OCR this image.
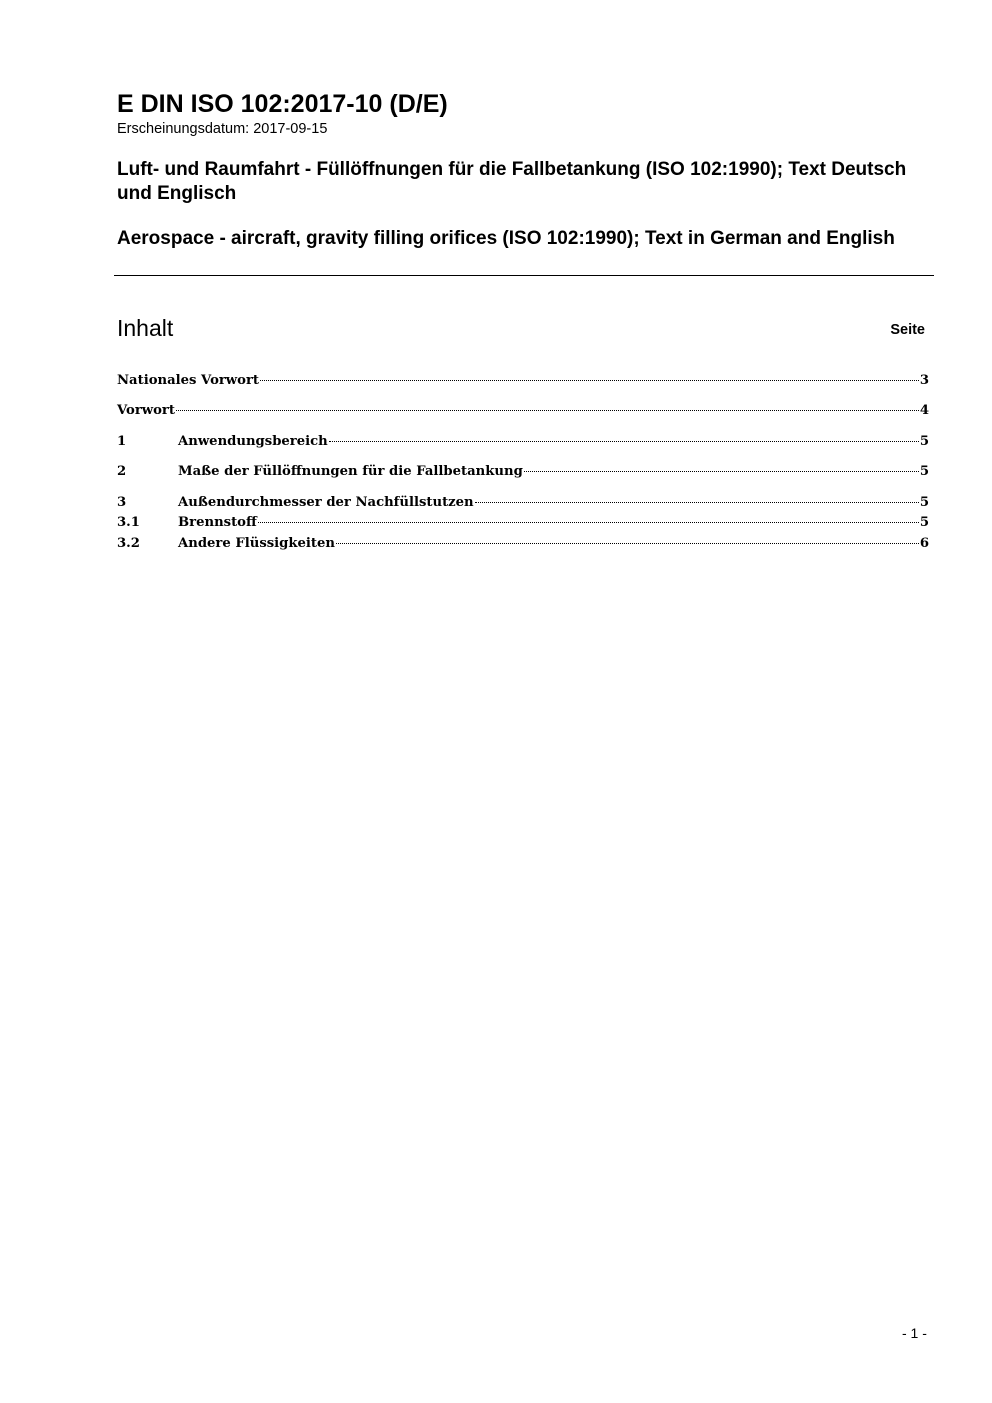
E DIN ISO 102:2017-10 (D/E)
Erscheinungsdatum: 2017-09-15
Luft- und Raumfahrt - Füllöffnungen für die Fallbetankung (ISO 102:1990); Text Deutsch und Englisch
Aerospace - aircraft, gravity filling orifices (ISO 102:1990); Text in German and English
Inhalt	Seite
Nationales Vorwort	3
Vorwort	4
1	Anwendungsbereich	5
2	Maße der Füllöffnungen für die Fallbetankung	5
3	Außendurchmesser der Nachfüllstutzen	5
3.1	Brennstoff	5
3.2	Andere Flüssigkeiten	6
- 1 -
